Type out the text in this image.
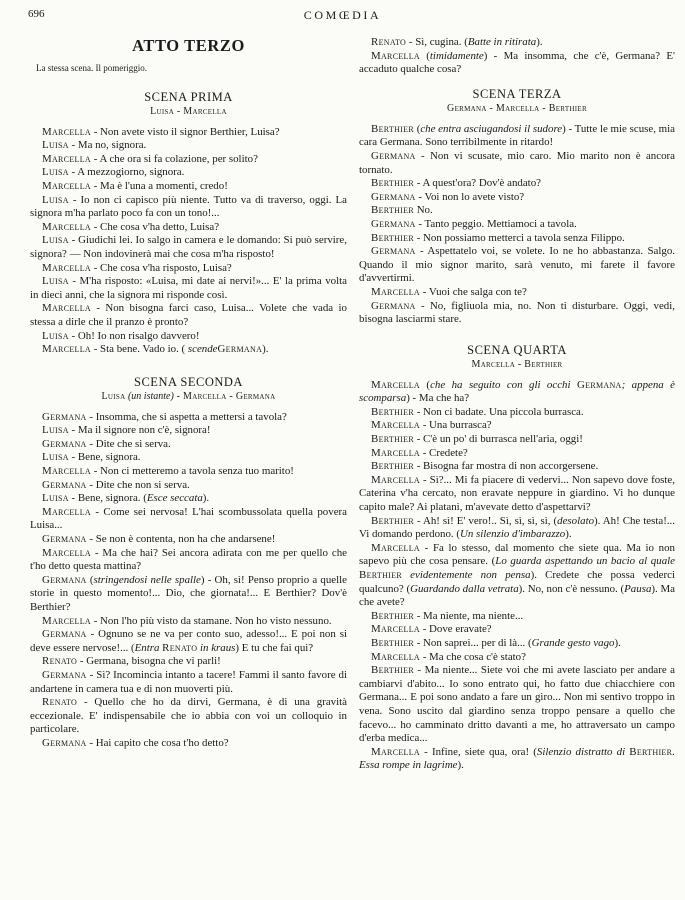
696	COMŒDIA
ATTO TERZO
La stessa scena. Il pomeriggio.
SCENA PRIMA
Luisa - Marcella
Marcella - Non avete visto il signor Berthier, Luisa?
Luisa - Ma no, signora.
Marcella - A che ora si fa colazione, per solito?
Luisa - A mezzogiorno, signora.
Marcella - Ma è l'una a momenti, credo!
Luisa - Io non ci capisco più niente. Tutto va di traverso, oggi. La signora m'ha parlato poco fa con un tono!...
Marcella - Che cosa v'ha detto, Luisa?
Luisa - Giudichi lei. Io salgo in camera e le domando: Si può servire, signora? — Non indovinerà mai che cosa m'ha risposto!
Marcella - Che cosa v'ha risposto, Luisa?
Luisa - M'ha risposto: «Luisa, mi date ai nervi!»... E' la prima volta in dieci anni, che la signora mi risponde così.
Marcella - Non bisogna farci caso, Luisa... Volete che vada io stessa a dirle che il pranzo è pronto?
Luisa - Oh! Io non risalgo davvero!
Marcella - Sta bene. Vado io. ( scendeGermana).
SCENA SECONDA
Luisa (un istante) - Marcella - Germana
Germana - Insomma, che si aspetta a mettersi a tavola?
Luisa - Ma il signore non c'è, signora!
Germana - Dite che si serva.
Luisa - Bene, signora.
Marcella - Non ci metteremo a tavola senza tuo marito!
Germana - Dite che non si serva.
Luisa - Bene, signora. (Esce seccata).
Marcella - Come sei nervosa! L'hai scombussolata quella povera Luisa...
Germana - Se non è contenta, non ha che andarsene!
Marcella - Ma che hai? Sei ancora adirata con me per quello che t'ho detto questa mattina?
Germana (stringendosi nelle spalle) - Oh, sì! Penso proprio a quelle storie in questo momento!... Dio, che giornata!... E Berthier? Dov'è Berthier?
Marcella - Non l'ho più visto da stamane. Non ho visto nessuno.
Germana - Ognuno se ne va per conto suo, adesso!... E poi non si deve essere nervose!... (Entra Renato in kraus) E tu che fai qui?
Renato - Germana, bisogna che vi parli!
Germana - Sì? Incomincia intanto a tacere! Fammi il santo favore di andartene in camera tua e di non muoverti più.
Renato - Quello che ho da dirvi, Germana, è di una gravità eccezionale. E' indispensabile che io abbia con voi un colloquio in particolare.
Germana - Hai capito che cosa t'ho detto?
Renato - Sì, cugina. (Batte in ritirata).
Marcella (timidamente) - Ma insomma, che c'è, Germana? E' accaduto qualche cosa?
SCENA TERZA
Germana - Marcella - Berthier
Berthier (che entra asciugandosi il sudore) - Tutte le mie scuse, mia cara Germana. Sono terribilmente in ritardo!
Germana - Non vi scusate, mio caro. Mio marito non è ancora tornato.
Berthier - A quest'ora? Dov'è andato?
Germana - Voi non lo avete visto?
Berthier No.
Germana - Tanto peggio. Mettiamoci a tavola.
Berthier - Non possiamo metterci a tavola senza Filippo.
Germana - Aspettatelo voi, se volete. Io ne ho abbastanza. Salgo. Quando il mio signor marito, sarà venuto, mi farete il favore d'avvertirmi.
Marcella - Vuoi che salga con te?
Germana - No, figliuola mia, no. Non ti disturbare. Oggi, vedi, bisogna lasciarmi stare.
SCENA QUARTA
Marcella - Berthier
Marcella (che ha seguito con gli occhi Germana; appena è scomparsa) - Ma che ha?
Berthier - Non ci badate. Una piccola burrasca.
Marcella - Una burrasca?
Berthier - C'è un po' di burrasca nell'aria, oggi!
Marcella - Credete?
Berthier - Bisogna far mostra di non accorgersene.
Marcella - Sì?... Mi fa piacere di vedervi... Non sapevo dove foste, Caterina v'ha cercato, non eravate neppure in giardino. Vi ho dunque capito male? Ai platani, m'avevate detto d'aspettarvi?
Berthier - Ah! sì! E' vero!.. Sì, sì, sì, sì, (desolato). Ah! Che testa!... Vi domando perdono. (Un silenzio d'imbarazzo).
Marcella - Fa lo stesso, dal momento che siete qua. Ma io non sapevo più che cosa pensare. (Lo guarda aspettando un bacio al quale Berthier evidentemente non pensa). Credete che possa vederci qualcuno? (Guardando dalla vetrata). No, non c'è nessuno. (Pausa). Ma che avete?
Berthier - Ma niente, ma niente...
Marcella - Dove eravate?
Berthier - Non saprei... per di là... (Grande gesto vago).
Marcella - Ma che cosa c'è stato?
Berthier - Ma niente... Siete voi che mi avete lasciato per andare a cambiarvi d'abito... Io sono entrato qui, ho fatto due chiacchiere con Germana... E poi sono andato a fare un giro... Non mi sentivo troppo in vena. Sono uscito dal giardino senza troppo pensare a quello che facevo... ho camminato dritto davanti a me, ho attraversato un campo d'erba medica...
Marcella - Infine, siete qua, ora! (Silenzio distratto di Berthier. Essa rompe in lagrime).
